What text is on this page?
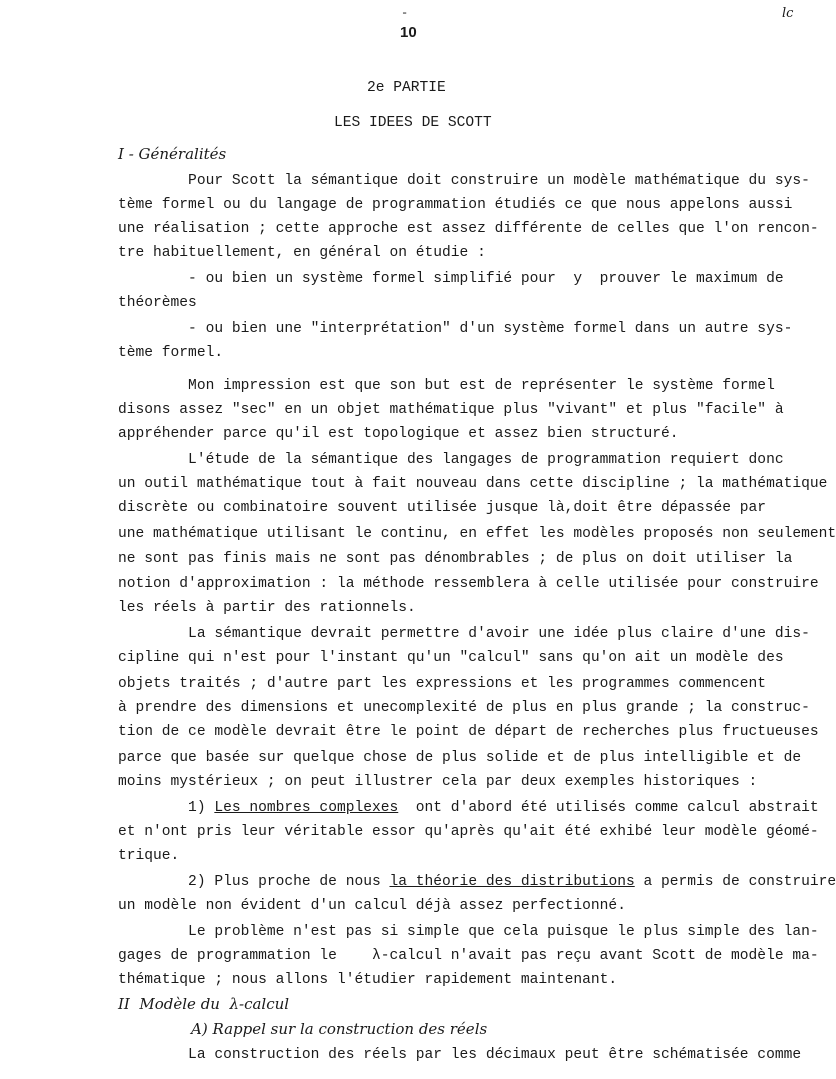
-
10
lc
2e PARTIE
LES IDEES DE SCOTT
I - Généralités
Pour Scott la sémantique doit construire un modèle mathématique du sys-
tème formel ou du langage de programmation étudiés ce que nous appelons aussi
une réalisation ; cette approche est assez différente de celles que l'on rencon-
tre habituellement, en général on étudie :
- ou bien un système formel simplifié pour  y  prouver le maximum de
théorèmes
- ou bien une "interprétation" d'un système formel dans un autre sys-
tème formel.
Mon impression est que son but est de représenter le système formel
disons assez "sec" en un objet mathématique plus "vivant" et plus "facile" à
appréhender parce qu'il est topologique et assez bien structuré.
L'étude de la sémantique des langages de programmation requiert donc
un outil mathématique tout à fait nouveau dans cette discipline ; la mathématique
discrète ou combinatoire souvent utilisée jusque là,doit être dépassée par
une mathématique utilisant le continu, en effet les modèles proposés non seulement
ne sont pas finis mais ne sont pas dénombrables ; de plus on doit utiliser la
notion d'approximation : la méthode ressemblera à celle utilisée pour construire
les réels à partir des rationnels.
La sémantique devrait permettre d'avoir une idée plus claire d'une dis-
cipline qui n'est pour l'instant qu'un "calcul" sans qu'on ait un modèle des
objets traités ; d'autre part les expressions et les programmes commencent
à prendre des dimensions et unecomplexité de plus en plus grande ; la construc-
tion de ce modèle devrait être le point de départ de recherches plus fructueuses
parce que basée sur quelque chose de plus solide et de plus intelligible et de
moins mystérieux ; on peut illustrer cela par deux exemples historiques :
1) Les nombres complexes  ont d'abord été utilisés comme calcul abstrait
et n'ont pris leur véritable essor qu'après qu'ait été exhibé leur modèle géomé-
trique.
2) Plus proche de nous la théorie des distributions a permis de construire
un modèle non évident d'un calcul déjà assez perfectionné.
Le problème n'est pas si simple que cela puisque le plus simple des lan-
gages de programmation le    λ-calcul n'avait pas reçu avant Scott de modèle ma-
thématique ; nous allons l'étudier rapidement maintenant.
II  Modèle du  λ-calcul
A) Rappel sur la construction des réels
La construction des réels par les décimaux peut être schématisée comme
